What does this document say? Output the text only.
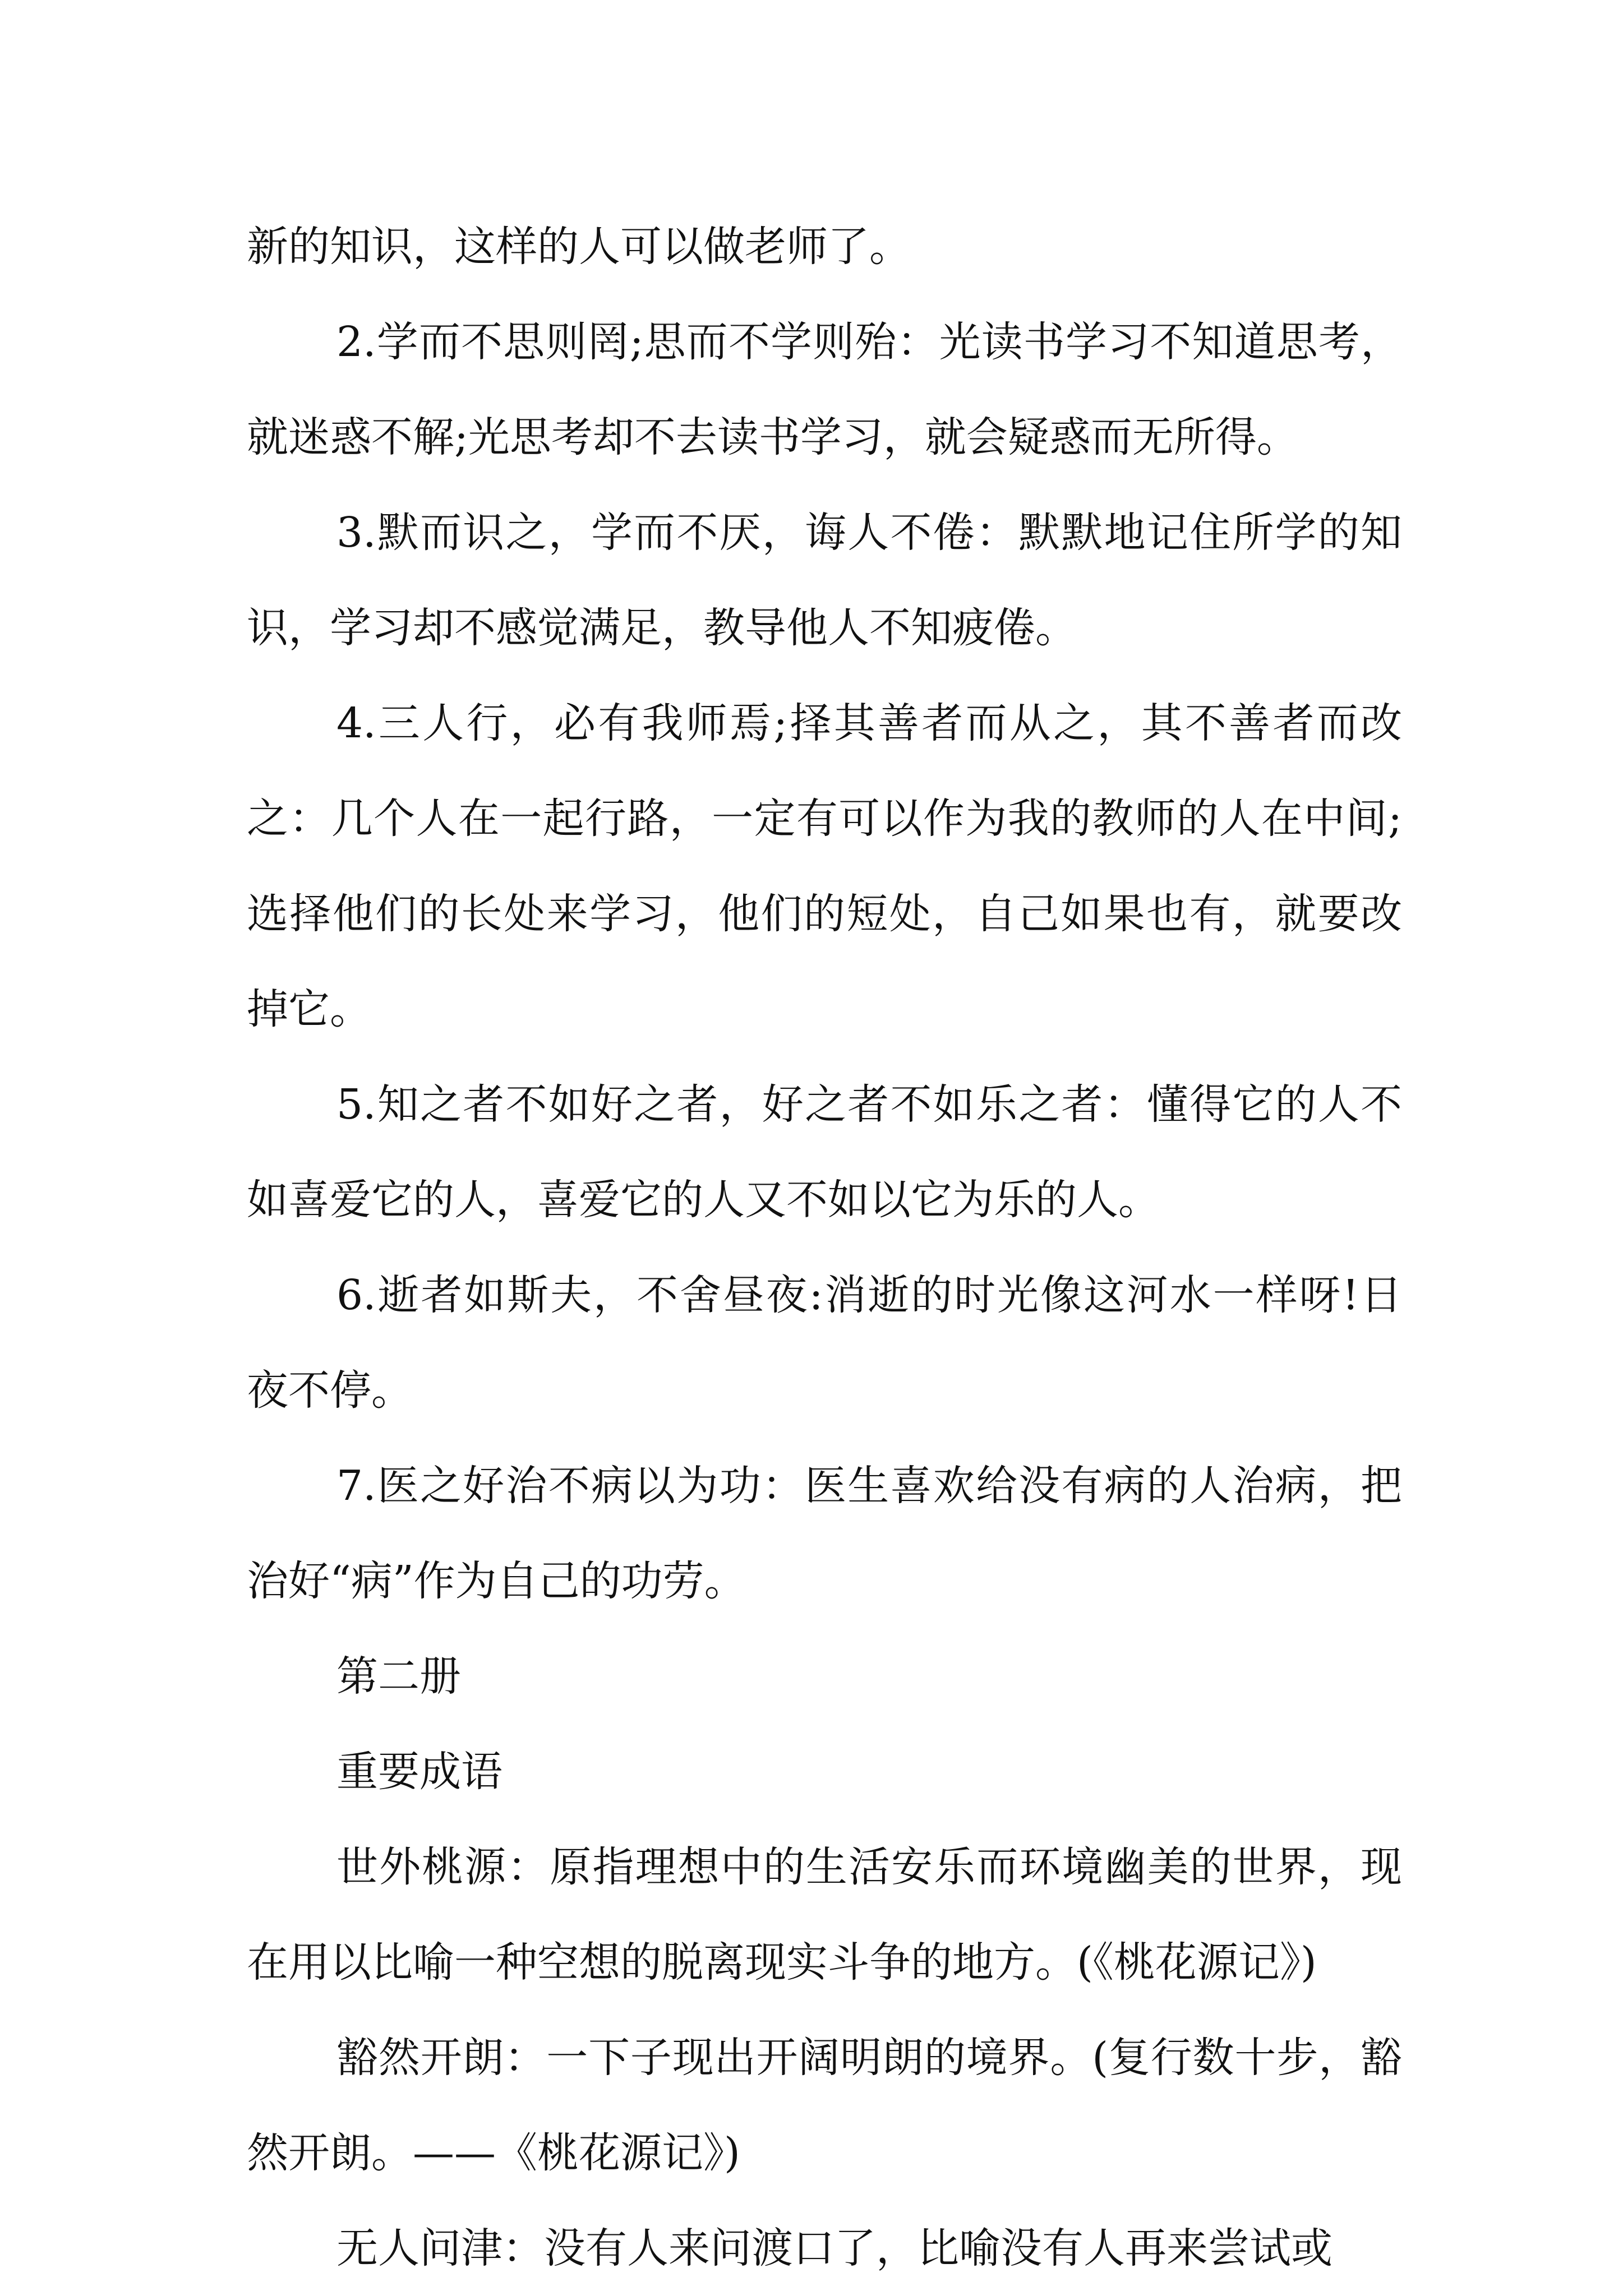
新的知识，这样的人可以做老师了。

2.学而不思则罔;思而不学则殆：光读书学习不知道思考，就迷惑不解;光思考却不去读书学习，就会疑惑而无所得。

3.默而识之，学而不厌，诲人不倦：默默地记住所学的知识，学习却不感觉满足，教导他人不知疲倦。

4.三人行，必有我师焉;择其善者而从之，其不善者而改之：几个人在一起行路，一定有可以作为我的教师的人在中间;选择他们的长处来学习，他们的短处，自己如果也有，就要改掉它。

5.知之者不如好之者，好之者不如乐之者：懂得它的人不如喜爱它的人，喜爱它的人又不如以它为乐的人。

6.逝者如斯夫，不舍昼夜:消逝的时光像这河水一样呀!日夜不停。

7.医之好治不病以为功：医生喜欢给没有病的人治病，把治好“病”作为自己的功劳。

第二册

重要成语

世外桃源：原指理想中的生活安乐而环境幽美的世界，现在用以比喻一种空想的脱离现实斗争的地方。(《桃花源记》)

豁然开朗：一下子现出开阔明朗的境界。(复行数十步，豁然开朗。——《桃花源记》)

无人问津：没有人来问渡口了，比喻没有人再来尝试或
